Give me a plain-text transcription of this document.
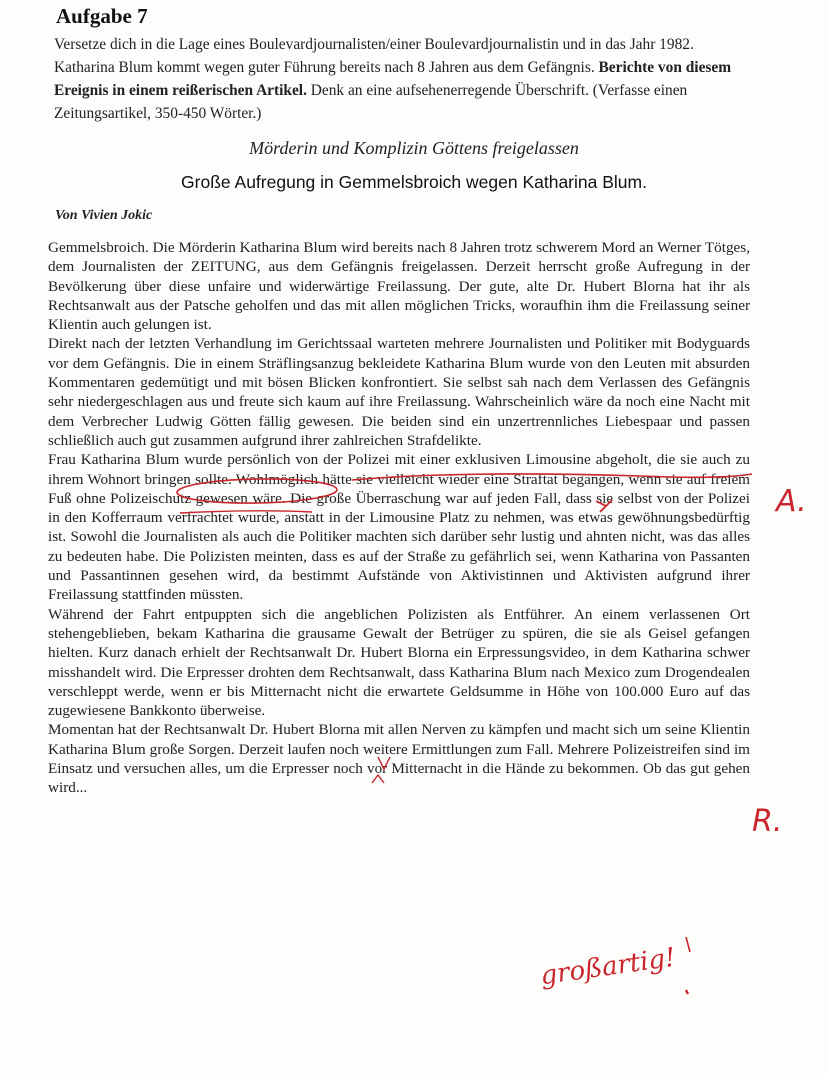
Aufgabe 7
Versetze dich in die Lage eines Boulevardjournalisten/einer Boulevardjournalistin und in das Jahr 1982. Katharina Blum kommt wegen guter Führung bereits nach 8 Jahren aus dem Gefängnis. Berichte von diesem Ereignis in einem reißerischen Artikel. Denk an eine aufsehenerregende Überschrift. (Verfasse einen Zeitungsartikel, 350-450 Wörter.)
Mörderin und Komplizin Göttens freigelassen
Große Aufregung in Gemmelsbroich wegen Katharina Blum.
Von Vivien Jokic

Gemmelsbroich. Die Mörderin Katharina Blum wird bereits nach 8 Jahren trotz schwerem Mord an Werner Tötges, dem Journalisten der ZEITUNG, aus dem Gefängnis freigelassen. Derzeit herrscht große Aufregung in der Bevölkerung über diese unfaire und widerwärtige Freilassung. Der gute, alte Dr. Hubert Blorna hat ihr als Rechtsanwalt aus der Patsche geholfen und das mit allen möglichen Tricks, woraufhin ihm die Freilassung seiner Klientin auch gelungen ist.

Direkt nach der letzten Verhandlung im Gerichtssaal warteten mehrere Journalisten und Politiker mit Bodyguards vor dem Gefängnis. Die in einem Sträflingsanzug bekleidete Katharina Blum wurde von den Leuten mit absurden Kommentaren gedemütigt und mit bösen Blicken konfrontiert. Sie selbst sah nach dem Verlassen des Gefängnis sehr niedergeschlagen aus und freute sich kaum auf ihre Freilassung. Wahrscheinlich wäre da noch eine Nacht mit dem Verbrecher Ludwig Götten fällig gewesen. Die beiden sind ein unzertrennliches Liebespaar und passen schließlich auch gut zusammen aufgrund ihrer zahlreichen Strafdelikte.

Frau Katharina Blum wurde persönlich von der Polizei mit einer exklusiven Limousine abgeholt, die sie auch zu ihrem Wohnort bringen sollte. Wohlmöglich hätte sie vielleicht wieder eine Straftat begangen, wenn sie auf freiem Fuß ohne Polizeischutz gewesen wäre. Die große Überraschung war auf jeden Fall, dass sie selbst von der Polizei in den Kofferraum verfrachtet wurde, anstatt in der Limousine Platz zu nehmen, was etwas gewöhnungsbedürftig ist. Sowohl die Journalisten als auch die Politiker machten sich darüber sehr lustig und ahnten nicht, was das alles zu bedeuten habe. Die Polizisten meinten, dass es auf der Straße zu gefährlich sei, wenn Katharina von Passanten und Passantinnen gesehen wird, da bestimmt Aufstände von Aktivistinnen und Aktivisten aufgrund ihrer Freilassung stattfinden müssten.

Während der Fahrt entpuppten sich die angeblichen Polizisten als Entführer. An einem verlassenen Ort stehengeblieben, bekam Katharina die grausame Gewalt der Betrüger zu spüren, die sie als Geisel gefangen hielten. Kurz danach erhielt der Rechtsanwalt Dr. Hubert Blorna ein Erpressungsvideo, in dem Katharina schwer misshandelt wird. Die Erpresser drohten dem Rechtsanwalt, dass Katharina Blum nach Mexico zum Drogendealen verschleppt werde, wenn er bis Mitternacht nicht die erwartete Geldsumme in Höhe von 100.000 Euro auf das zugewiesene Bankkonto überweise.

Momentan hat der Rechtsanwalt Dr. Hubert Blorna mit allen Nerven zu kämpfen und macht sich um seine Klientin Katharina Blum große Sorgen. Derzeit laufen noch weitere Ermittlungen zum Fall. Mehrere Polizeistreifen sind im Einsatz und versuchen alles, um die Erpresser noch vor Mitternacht in die Hände zu bekommen. Ob das gut gehen wird...

A.
R.
großartig!
